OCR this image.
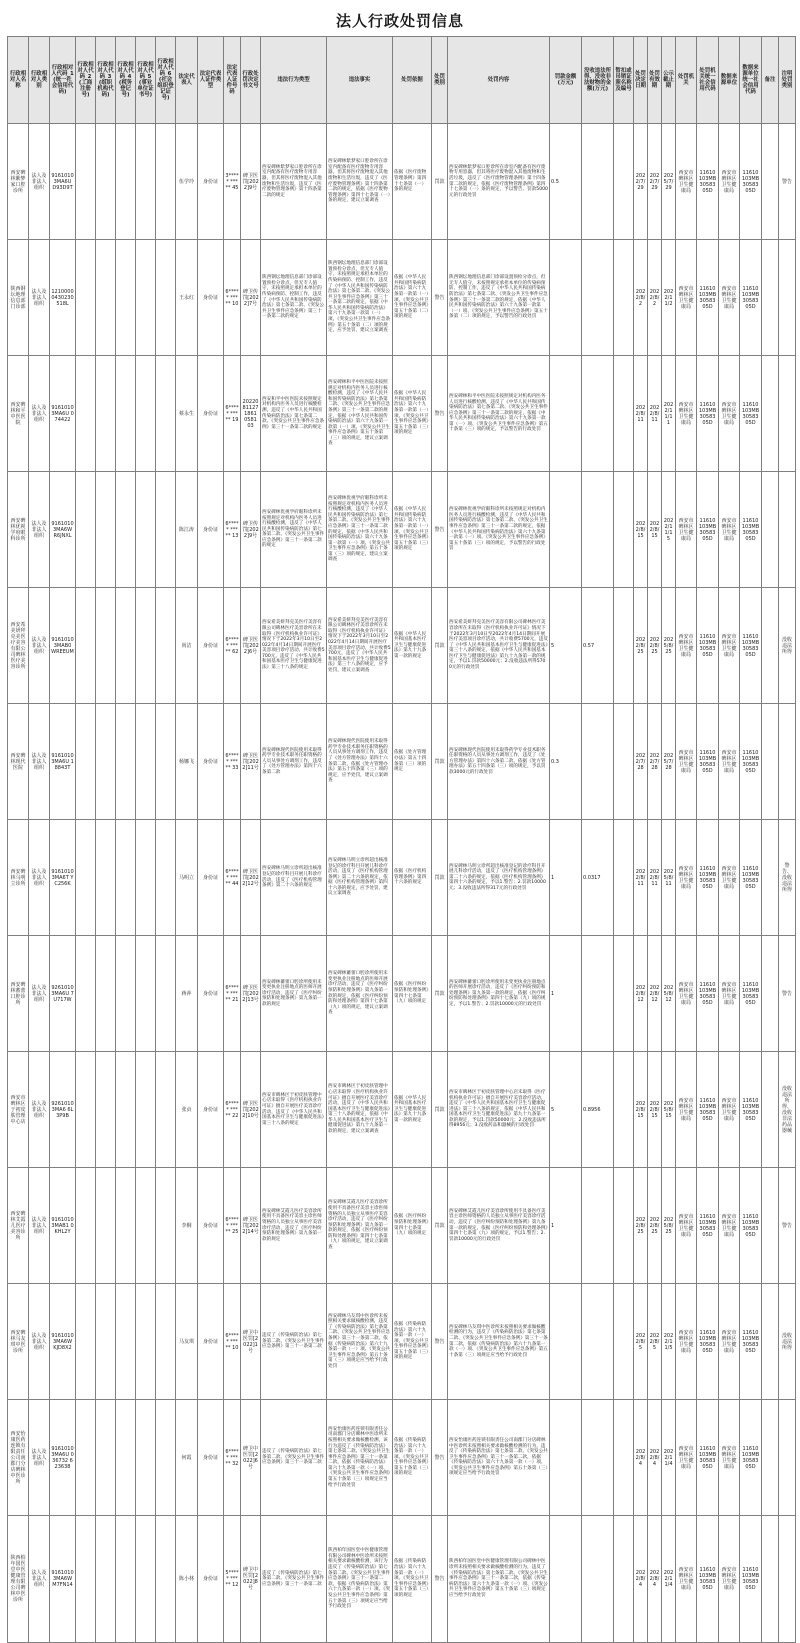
法人行政处罚信息
行政相对人名称	行政相对人类别	行政相对人代码_1(统一社会信用代码)	行政相对人代码_2(工商注册号)	行政相对人代码_3(组织机构代码)	行政相对人代码_4(税务登记号)	行政相对人代码_5(事业单位证书号)	行政相对人代码_6(社会组织登记证号)	法定代表人	法定代表人证件类型	法定代表人证件号码	行政处罚决定书文号	违法行为类型	违法事实	处罚依据	处罚类别	处罚内容	罚款金额(万元)	没收违法所得、没收非法财物的金额(万元)	暂扣或吊销证照名称及编号	处罚决定日期	处罚有效期	公示截止期	处罚机关	处罚机关统一社会信用代码	数据来源单位	数据来源单位统一社会信用代码	备注	注明处罚类别
西安碑林紫梦家口腔诊所	法人及非法人组织	91610103MA6U D93D9T						伍学玲	身份证	3***** ***** 45	碑卫医罚[2022]9号	西安碑林紫梦家口腔诊所在诊室内配备有医疗废物专用容器，但其将医疗废物混入其他废物和生活垃圾，违反了《医疗废物管理条例》第十四条第二款的规定	西安碑林紫梦家口腔诊所在诊室内配备有医疗废物专用容器，但其将医疗废物混入其他废物和生活垃圾，违反了《医疗废物管理条例》第十四条第二款的规定，依据《医疗废物管理条例》第四十七条第（一）条的规定，建议立案调查	依据《医疗废物管理条例》第四十七条第（一）条的规定	罚款	西安碑林紫梦家口腔诊所在诊室内配备有医疗废物专用容器，但其将医疗废物混入其他废物和生活垃圾，违反了《医疗废物管理条例》第十四条第二款的规定，依据《医疗废物管理条例》第四十七条第（一）条的规定，予以警告、罚款5000元的行政处罚	0.5			2022/7/29	2022/7/29	2025/7/29	西安市碑林区卫生健康局	11610103MB3058305D	西安市碑林区卫生健康局	11610103MB3058305D		警告
陕西钢坛地理信息部门诊部	法人及非法人组织	12100000430230518L						王永红	身份证	6***** ***** 10	碑卫传罚[2022]7号	陕西钢坛地理信息部门诊部设置预检分诊点，但无专人值守，未按照规定承担本单位的传染病预防、控制工作，违反了《中华人民共和国传染病防治法》第七条第二款、《突发公共卫生事件应急条例》第三十一条第二款的规定	陕西钢坛地理信息部门诊部设置预检分诊点，但无专人值守，未按照规定承担本单位的传染病预防、控制工作，违反了《中华人民共和国传染病防治法》第七条第二款、《突发公共卫生事件应急条例》第三十一条第二款的规定，依据《中华人民共和国传染病防治法》第六十九条第一款第（一）项、《突发公共卫生事件应急条例》第五十条第（二）项的规定，应予处罚，建议立案调查	依据《中华人民共和国传染病防治法》第六十九条第一款第（一）项、《突发公共卫生事件应急条例》第五十条第（二）项的规定	警告	陕西钢坛地理信息部门诊部设置预检分诊点，但无专人值守，未按照规定承担本单位的传染病预防、控制工作，违反了《中华人民共和国传染病防治法》第七条第二款、《突发公共卫生事件应急条例》第三十一条第二款的规定，依据《中华人民共和国传染病防治法》第六十九条第一款第（一）项、《突发公共卫生事件应急条例》第五十条第（二）项的规定，予以警告的行政处罚				2022/8/2	2022/8/2	2022/11/2	西安市碑林区卫生健康局	11610103MB3058305D	西安市碑林区卫生健康局	11610103MB3058305D		
西安碑林和平中医医院	法人及非法人组织	91610103MA6U 074422						蔡永生	身份证	6***** ***** 19	20220811271861 0581 03	西安和平中医医院未按照规定对机构内医务人员进行核酸检测，违反了《中华人民共和国传染病防治法》第七条第二款、《突发公共卫生事件应急条例》第三十一条第二款的规定	西安碑林和平中医医院未按照规定对机构内医务人员进行核酸检测，违反了《中华人民共和国传染病防治法》第七条第二款、《突发公共卫生事件应急条例》第三十一条第二款的规定，依据《中华人民共和国传染病防治法》第六十九条第一款第（一）项、《突发公共卫生事件应急条例》第五十条第（三）项的规定，建议立案调查	依据《中华人民共和国传染病防治法》第六十九条第一款第（一）项、《突发公共卫生事件应急条例》第五十条第（三）项的规定	警告	西安碑林和平中医医院未按照规定对机构内医务人员进行核酸检测，违反了《中华人民共和国传染病防治法》第七条第二款、《突发公共卫生事件应急条例》第三十一条第二款的规定，依据《中华人民共和国传染病防治法》第六十九条第一款第（一）项、《突发公共卫生事件应急条例》第五十条第（三）项的规定，予以警告的行政处罚				2022/8/11	2022/8/11	2022/11/11	西安市碑林区卫生健康局	11610103MB3058305D	西安市碑林区卫生健康局	11610103MB3058305D		
西安碑林优视学府眼科诊所	法人及非法人组织	91610103MA6W R6JNXL						陈江涛	身份证	6***** ***** 13	碑卫传罚[2022]9号	西安碑林优视学府眼科诊所未按照规定对机构内医务人员进行核酸检测，违反了《中华人民共和国传染病防治法》第七条第二款、《突发公共卫生事件应急条例》第三十一条第二款的规定	西安碑林优视学府眼科诊所未按照规定对机构内医务人员进行核酸检测，违反了《中华人民共和国传染病防治法》第七条第二款、《突发公共卫生事件应急条例》第三十一条第二款的规定，依据《中华人民共和国传染病防治法》第六十九条第一款第（一）项、《突发公共卫生事件应急条例》第五十条第（三）项的规定，建议立案调查	依据《中华人民共和国传染病防治法》第六十九条第一款第（一）项、《突发公共卫生事件应急条例》第五十条第（三）项的规定	警告	西安碑林优视学府眼科诊所未按照规定对机构内医务人员进行核酸检测，违反了《中华人民共和国传染病防治法》第七条第二款、《突发公共卫生事件应急条例》第三十一条第二款的规定，依据《中华人民共和国传染病防治法》第六十九条第一款第（一）项、《突发公共卫生事件应急条例》第五十条第（三）项的规定，予以警告的行政处罚				2022/8/15	2022/8/15	2022/11/15	西安市碑林区卫生健康局	11610103MB3058305D	西安市碑林区卫生健康局	11610103MB3058305D		
西安希美妍拜克美医疗美容有限公司碑林医疗美容诊所	法人及非法人组织	91610103MAB0 WREEUM						尚洁	身份证	6***** ***** 62	碑卫医罚[2022]6号	西安希美妍拜克美医疗美容有限公司碑林医疗美容诊所在未取得《医疗机构执业许可证》情况下于2022年3月10日至2022年4月14日期间开展医疗美容项目诊疗活动，共计收费5700元，违反了《中华人民共和国基本医疗卫生与健康促进法》第三十八条的规定	西安希美妍拜克美医疗美容有限公司碑林医疗美容诊所在未取得《医疗机构执业许可证》情况下于2022年3月10日至2022年4月14日期间开展医疗美容项目诊疗活动，共计收费5700元，违反了《中华人民共和国基本医疗卫生与健康促进法》第三十八条的规定，应予处罚，建议立案调查	依据《中华人民共和国基本医疗卫生与健康促进法》第九十九条第一款的规定	罚款	西安希美妍拜克美医疗美容有限公司碑林医疗美容诊所在未取得《医疗机构执业许可证》情况下于2022年3月10日至2022年4月14日期间开展医疗美容项目诊疗活动，共计收费5700元，违反了《中华人民共和国基本医疗卫生与健康促进法》第三十八条的规定，依据《中华人民共和国基本医疗卫生与健康促进法》第九十九条第一款的规定，予以1.罚款50000元；2.没收违法所得5700元的行政处罚	5	0.57		2022/8/25	2022/8/25	2025/8/25	西安市碑林区卫生健康局	11610103MB3058305D	西安市碑林区卫生健康局	11610103MB3058305D		没收违法所得
西安碑林现代医院	法人及非法人组织	91610103MA6U 18843T						杨娜飞	身份证	6***** ***** 33	碑卫医罚[2022]11号	西安碑林现代医院使用未取得药学专业技术职务任职资格的人员从事处方调剂工作，违反了《处方管理办法》第四十六条第二款	西安碑林现代医院使用未取得药学专业技术职务任职资格的人员从事处方调剂工作，违反了《处方管理办法》第四十六条第二款，依据《处方管理办法》第五十四条第（三）项的规定，应予处罚，建议立案调查	依据《处方管理办法》第五十四条第（三）项的规定	罚款	西安碑林现代医院使用未取得药学专业技术职务任职资格的人员从事处方调剂工作，违反了《处方管理办法》第四十六条第二款，依据《处方管理办法》第五十四条第（三）项的规定，予以罚款3000元的行政处罚	0.3			2022/7/28	2022/7/28	2025/7/28	西安市碑林区卫生健康局	11610103MB3058305D	西安市碑林区卫生健康局	11610103MB3058305D		
西安碑林马明立诊所	法人及非法人组织	91610103MA6T YC256K						马明立	身份证	6***** ***** 44	碑卫医罚[2022]12号	西安碑林马明立诊所超出核准登记的诊疗科目开展儿科诊疗活动，违反了《医疗机构管理条例》第二十六条的规定	西安碑林马明立诊所超出核准登记的诊疗科目开展儿科诊疗活动，违反了《医疗机构管理条例》第二十六条的规定，依据《医疗机构管理条例》第四十六条的规定，应予处罚，建议立案调查	依据《医疗机构管理条例》第四十六条的规定	罚款	西安碑林马明立诊所超出核准登记的诊疗科目开展儿科诊疗活动，违反了《医疗机构管理条例》第二十六条的规定，依据《医疗机构管理条例》第四十六条的规定，予以1.警告；2.罚款10000元；3.没收违法所得317元的行政处罚	1	0.0317		2022/8/11	2022/8/11	2025/8/11	西安市碑林区卫生健康局	11610103MB3058305D	西安市碑林区卫生健康局	11610103MB3058305D		警告、没收违法所得
西安碑林蓄蕾口腔诊所	法人及非法人组织	92610103MA6U 7U717W						蒋萍	身份证	6***** ***** 21	碑卫医罚[2022]13号	西安碑林蓄蕾口腔诊所使用未变更执业注册地点的医师开展诊疗活动，违反了《医疗纠纷预防和处理条例》第九条第一款的规定	西安碑林蓄蕾口腔诊所使用未变更执业注册地点的医师开展诊疗活动，违反了《医疗纠纷预防和处理条例》第九条第一款的规定，依据《医疗纠纷预防和处理条例》第四十七条第（九）项的规定，建议立案调查	依据《医疗纠纷预防和处理条例》第四十七条第（九）项的规定	罚款	西安碑林蓄蕾口腔诊所使用未变更执业注册地点的医师开展诊疗活动，违反了《医疗纠纷预防和处理条例》第九条第一款的规定，依据《医疗纠纷预防和处理条例》第四十七条第（九）项的规定，予以1.警告；2.罚款10000元的行政处罚	1			2022/8/12	2022/8/12	2025/8/12	西安市碑林区卫生健康局	11610103MB3058305D	西安市碑林区卫生健康局	11610103MB3058305D		警告
西安市碑林区于初皮肤管理中心店	法人及非法人组织	92610103MA6 6L3P9B						张贞	身份证	6***** ***** 22	碑卫医罚[2022]10号	西安市碑林区于初皮肤管理中心店未取得《医疗机构执业许可证》擅自开展医疗美容诊疗活动，违反了《中华人民共和国基本医疗卫生与健康促进法》第三十八条的规定	西安市碑林区于初皮肤管理中心店未取得《医疗机构执业许可证》擅自开展医疗美容诊疗活动，违反了《中华人民共和国基本医疗卫生与健康促进法》第三十八条的规定，依据《中华人民共和国基本医疗卫生与健康促进法》第九十九条第一款的规定，建议立案调查	依据《中华人民共和国基本医疗卫生与健康促进法》第九十九条第一款的规定	罚款	西安市碑林区于初皮肤管理中心店未取得《医疗机构执业许可证》擅自开展医疗美容诊疗活动，违反了《中华人民共和国基本医疗卫生与健康促进法》第三十八条的规定，依据《中华人民共和国基本医疗卫生与健康促进法》第九十九条第一款的规定，予以1.罚款50000元；2.没收违法所得8956元；3.没收药品和器械的行政处罚	5	0.8956		2022/8/15	2022/8/15	2025/8/15	西安市碑林区卫生健康局	11610103MB3058305D	西安市碑林区卫生健康局	11610103MB3058305D		没收违法所得、没收非法药品器械
西安碑林艾霞儿医疗美容诊所	法人及非法人组织	91610103MAB1 0KHL2Y						李桐	身份证	6***** ***** 25	碑卫医罚[2022]14号	西安碑林艾霞儿医疗美容诊所使用不具备医疗美容主诊医师资格的人员独立从事医疗美容诊疗活动，违反了《医疗纠纷预防和处理条例》第九条第一款的规定	西安碑林艾霞儿医疗美容诊所使用不具备医疗美容主诊医师资格的人员独立从事医疗美容诊疗活动，违反了《医疗纠纷预防和处理条例》第九条第一款的规定，依据《医疗纠纷预防和处理条例》第四十七条第（九）项的规定，建议立案调查	依据《医疗纠纷预防和处理条例》第四十七条第（九）项的规定	罚款	西安碑林艾霞儿医疗美容诊所使用不具备医疗美容主诊医师资格的人员独立从事医疗美容诊疗活动，违反了《医疗纠纷预防和处理条例》第九条第一款的规定，依据《医疗纠纷预防和处理条例》第四十七条第（九）项的规定，予以1.警告；2.罚款10000元的行政处罚	1			2022/8/25	2022/8/25	2025/8/25	西安市碑林区卫生健康局	11610103MB3058305D	西安市碑林区卫生健康局	11610103MB3058305D		警告
西安碑林马友琪中医诊所	法人及非法人组织	91610103MA6W KJD8X2						马友琪	身份证	6***** ***** 10	碑卫中医罚[2022]1号	违反了《传染病防治法》第七条第二款、《突发公共卫生事件应急条例》第三十一条第二款	西安碑林马友琪中医诊所未按照相关要求做核酸检测，违反了《传染病防治法》第七条第二款、《突发公共卫生事件应急条例》第三十一条第二款，依据《传染病防治法》第六十九条第一款（一）项、《突发公共卫生事件应急条例》第五十条第（三）项规定应当给予行政处罚	依据《传染病防治法》第六十九条第一款（一）项、《突发公共卫生事件应急条例》第五十条第（三）项的规定	警告	西安碑林马友琪中医诊所未按照相关要求做核酸检测的行为，违反了《传染病防治法》第七条第二款、《突发公共卫生事件应急条例》第三十一条第二款，依据《传染病防治法》第六十九条第一款（一）项、《突发公共卫生事件应急条例》第五十条第（三）项规定应当给予行政处罚				2022/8/5	2022/8/5	2022/11/5	西安市碑林区卫生健康局	11610103MB3058305D	西安市碑林区卫生健康局	11610103MB3058305D		没收违法所得
西安怡康医药连锁有限责任公司南郡门分店碑林中医诊所	法人及非法人组织	91610103MA6U 036732 623638						何霞	身份证	6***** ***** 32	碑卫中医罚[2022]6号	违反了《传染病防治法》第七条第二款、《突发公共卫生事件应急条例》第三十一条第二款	西安怡康医药连锁有限责任公司南郡门分店碑林中医诊所未按照相关要求做核酸检测，该行为违反了《传染病防治法》第七条第二款、《突发公共卫生事件应急条例》第三十一条第二款，依据《传染病防治法》第六十九条第一款（一）项、《突发公共卫生事件应急条例》第五十条第（三）项规定应当给予行政处罚	依据《传染病防治法》第六十九条第一款（一）项、《突发公共卫生事件应急条例》第五十条第（三）项的规定	警告	西安怡康医药连锁有限责任公司南郡门分店碑林中医诊所未按照相关要求做核酸检测的行为，违反了《传染病防治法》第七条第二款、《突发公共卫生事件应急条例》第三十一条第二款，依据《传染病防治法》第六十九条第一款（一）项、《突发公共卫生事件应急条例》第五十条第（三）项规定应当给予行政处罚				2022/8/4	2022/8/4	2022/11/4	西安市碑林区卫生健康局	11610103MB3058305D	西安市碑林区卫生健康局	11610103MB3058305D		
陕西柏年国医堂中医健康管理有限公司碑林中医诊所	法人及非法人组织	91610103MA6W M7FN14						陈小林	身份证	5***** ***** 12	碑卫中医罚[2022]8号	违反了《传染病防治法》第七条第二款、《突发公共卫生事件应急条例》第三十一条第二款	陕西柏年国医堂中医健康管理有限公司碑林中医诊所未按照相关要求做核酸检测，该行为违反了《传染病防治法》第七条第二款、《突发公共卫生事件应急条例》第三十一条第二款，依据《传染病防治法》第六十九条第一款（一）项、《突发公共卫生事件应急条例》第五十条第（三）项规定应当给予行政处罚	依据《传染病防治法》第六十九条第一款（一）项、《突发公共卫生事件应急条例》第五十条第（三）项的规定	警告	陕西柏年国医堂中医健康管理有限公司碑林中医诊所未按照相关要求做核酸检测的行为，违反了《传染病防治法》第七条第二款、《突发公共卫生事件应急条例》第三十一条第二款，依据《传染病防治法》第六十九条第一款（一）项、《突发公共卫生事件应急条例》第五十条第（三）项规定应当给予行政处罚				2022/8/4	2022/8/4	2022/11/4	西安市碑林区卫生健康局	11610103MB3058305D	西安市碑林区卫生健康局	11610103MB3058305D		
